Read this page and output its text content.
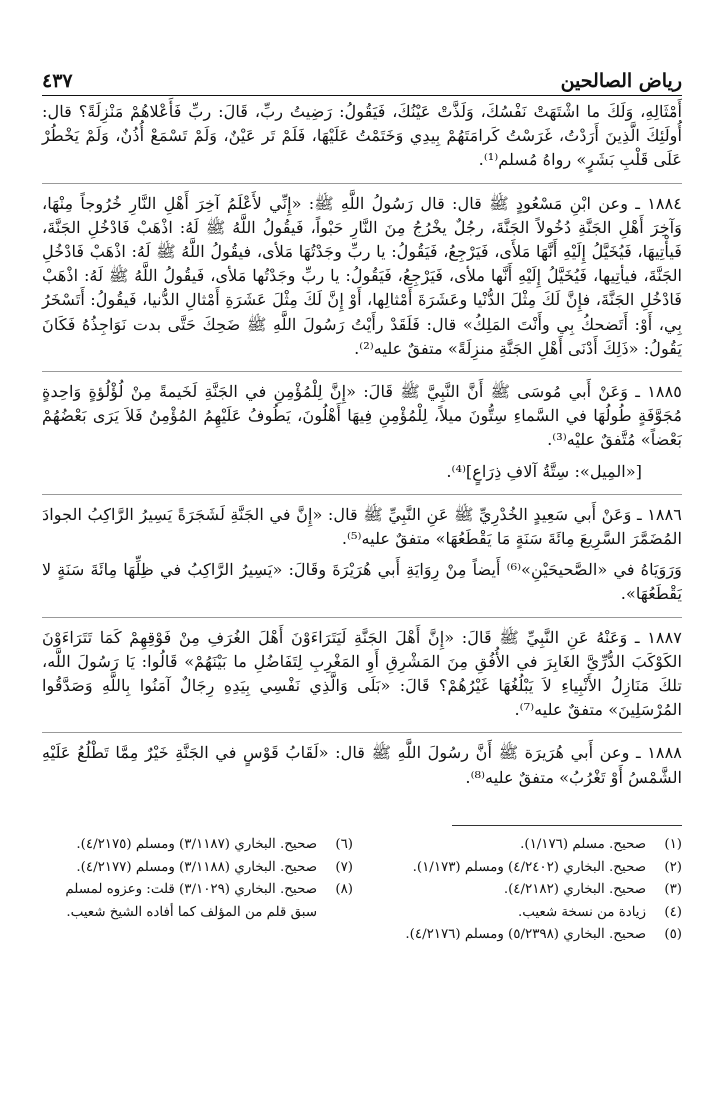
رياض الصالحين
٤٣٧

أَمْثَالِهِ، وَلَكَ ما اشْتَهَتْ نَفْسُكَ، وَلَذَّتْ عَيْنُكَ، فَيَقُولُ: رَضِيتُ ربِّ، قَالَ: ربِّ فَأَعْلاهُمْ مَنْزِلَةً؟ قال: أُولَئِكَ الَّذِينَ أَرَدْتُ، غَرَسْتُ كَرامَتَهُمْ بِيدِي وَخَتَمْتُ عَلَيْهَا، فَلَمْ تَر عَيْنٌ، وَلَمْ تَسْمَعْ أُذُنٌ، وَلَمْ يَخْطُرْ عَلَى قَلْبِ بَشَرٍ» رواهُ مُسلم⁽¹⁾.

١٨٨٤ ـ وعن ابْنِ مَسْعُودٍ ﷺ قال: قال رَسُولُ اللَّهِ ﷺ: «إِنِّي لأَعْلَمُ آخِرَ أَهْلِ النَّارِ خُرُوجاً مِنْهَا، وَآخِرَ أَهْلِ الجَنَّةِ دُخُولاً الجَنَّةَ، رجُلٌ يخْرُجُ مِنَ النَّارِ حَبْواً، فَيقُولُ اللَّهُ ﷺ لَهُ: اذْهَبْ فَادْخُلِ الجَنَّةَ، فَيأْتِيهَا، فَيُخَيَّلُ إِلَيْهِ أَنَّهَا مَلأَى، فَيَرْجِعُ، فَيَقُولُ: يا ربِّ وجَدْتُهَا مَلأى، فيقُولُ اللَّهُ ﷺ لَهُ: اذْهَبْ فَادْخُلِ الجَنَّةَ، فيأتِيها، فَيُخَيَّلُ إِلَيْهِ أَنَّها ملأى، فَيَرْجِعُ، فَيَقُولُ: يا ربِّ وجَدْتُها مَلأى، فَيقُولُ اللَّهُ ﷺ لَهُ: اذْهَبْ فَادْخُلِ الجَنَّةَ، فإِنَّ لَكَ مِثْلَ الدُّنْيا وعَشَرَةَ أَمْثالِها، أَوْ إِنَّ لَكَ مِثْلَ عَشَرَةِ أَمْثالِ الدُّنيا، فَيقُولُ: أَتَسْخَرُ بِي، أَوْ: أَتَضحكُ بِي وأَنْتَ المَلِكُ» قال: فَلَقَدْ رأَيْتُ رَسُولَ اللَّهِ ﷺ ضَحِكَ حَتَّى بدت نَوَاجِذُهُ فَكَانَ يَقُولُ: «ذَلِكَ أَدْنَى أَهْلِ الجَنَّةِ منزِلَةً» متفقٌ عليه⁽²⁾.

١٨٨٥ ـ وَعَنْ أَبي مُوسَى ﷺ أَنَّ النَّبِيَّ ﷺ قَالَ: «إِنَّ لِلْمُؤْمِنِ في الجَنَّةِ لَخَيمةً مِنْ لُؤْلُؤةٍ وَاحِدةٍ مُجَوَّفَةٍ طُولُهَا في السَّماءِ سِتُّونَ ميلاً، لِلْمُؤْمِنِ فِيهَا أَهْلُونَ، يَطُوفُ عَلَيْهِمُ المُؤْمِنُ فَلاَ يَرَى بَعْضُهُمْ بَعْضاً» مُتَّفقٌ عليْه⁽³⁾.

[«المِيل»: سِتَّةُ آلافِ ذِرَاعٍ]⁽⁴⁾.

١٨٨٦ ـ وَعَنْ أَبي سَعِيدٍ الخُدْرِيِّ ﷺ عَنِ النَّبِيِّ ﷺ قال: «إِنَّ في الجَنَّةِ لَشَجَرَةً يَسِيرُ الرَّاكِبُ الجوادَ المُضَمَّرَ السَّرِيعَ مِائَةَ سَنَةٍ مَا يَقْطَعُهَا» متفقٌ عليه⁽⁵⁾.

وَرَوَيَاهُ في «الصَّحيحَيْنِ»⁽⁶⁾ أَيضاً مِنْ رِوَايَةِ أَبي هُرَيْرَةَ وقَالَ: «يَسِيرُ الرَّاكِبُ في ظِلِّهَا مِائَةَ سَنَةٍ لا يَقْطَعُهَا».

١٨٨٧ ـ وَعَنْهُ عَنِ النَّبِيِّ ﷺ قَالَ: «إِنَّ أَهْلَ الجَنَّةِ لَيَتَرَاءَوْنَ أَهْلَ الغُرَفِ مِنْ فَوْقِهِمْ كَمَا تَتَرَاءَوْنَ الكَوْكَبَ الدُّرِّيَّ الغَابِرَ في الأُفُقِ مِنَ المَشْرِقِ أَوِ المَغْرِبِ لِتَفَاضُلِ ما بَيْنَهُمْ» قَالُوا: يَا رَسُولَ اللَّه، تلكَ مَنَازِلُ الأَنْبِياءِ لاَ يَبْلُغُهَا غَيْرُهُمْ؟ قَالَ: «بَلَى وَالَّذِي نَفْسِي بِيَدِهِ رِجَالٌ آمَنُوا بِاللَّهِ وَصَدَّقُوا المُرْسَلِينَ» متفقٌ عليه⁽⁷⁾.

١٨٨٨ ـ وعن أَبي هُرَيرَة ﷺ أَنَّ رسُولَ اللَّهِ ﷺ قال: «لَقَابُ قَوْسٍ في الجَنَّةِ خَيْرٌ مِمَّا تَطْلُعُ عَلَيْهِ الشَّمْسُ أَوْ تَغْرُبُ» متفقٌ عليه⁽⁸⁾.

(١)
صحيح. مسلم (١/١٧٦).
(٢)
صحيح. البخاري (٤/٢٤٠٢) ومسلم (١/١٧٣).
(٣)
صحيح. البخاري (٤/٢١٨٢).
(٤)
زيادة من نسخة شعيب.
(٥)
صحيح. البخاري (٥/٢٣٩٨) ومسلم (٤/٢١٧٦).
(٦)
صحيح. البخاري (٣/١١٨٧) ومسلم (٤/٢١٧٥).
(٧)
صحيح. البخاري (٣/١١٨٨) ومسلم (٤/٢١٧٧).
(٨)
صحيح. البخاري (٣/١٠٢٩) قلت: وعزوه لمسلم سبق قلم من المؤلف كما أفاده الشيخ شعيب.
